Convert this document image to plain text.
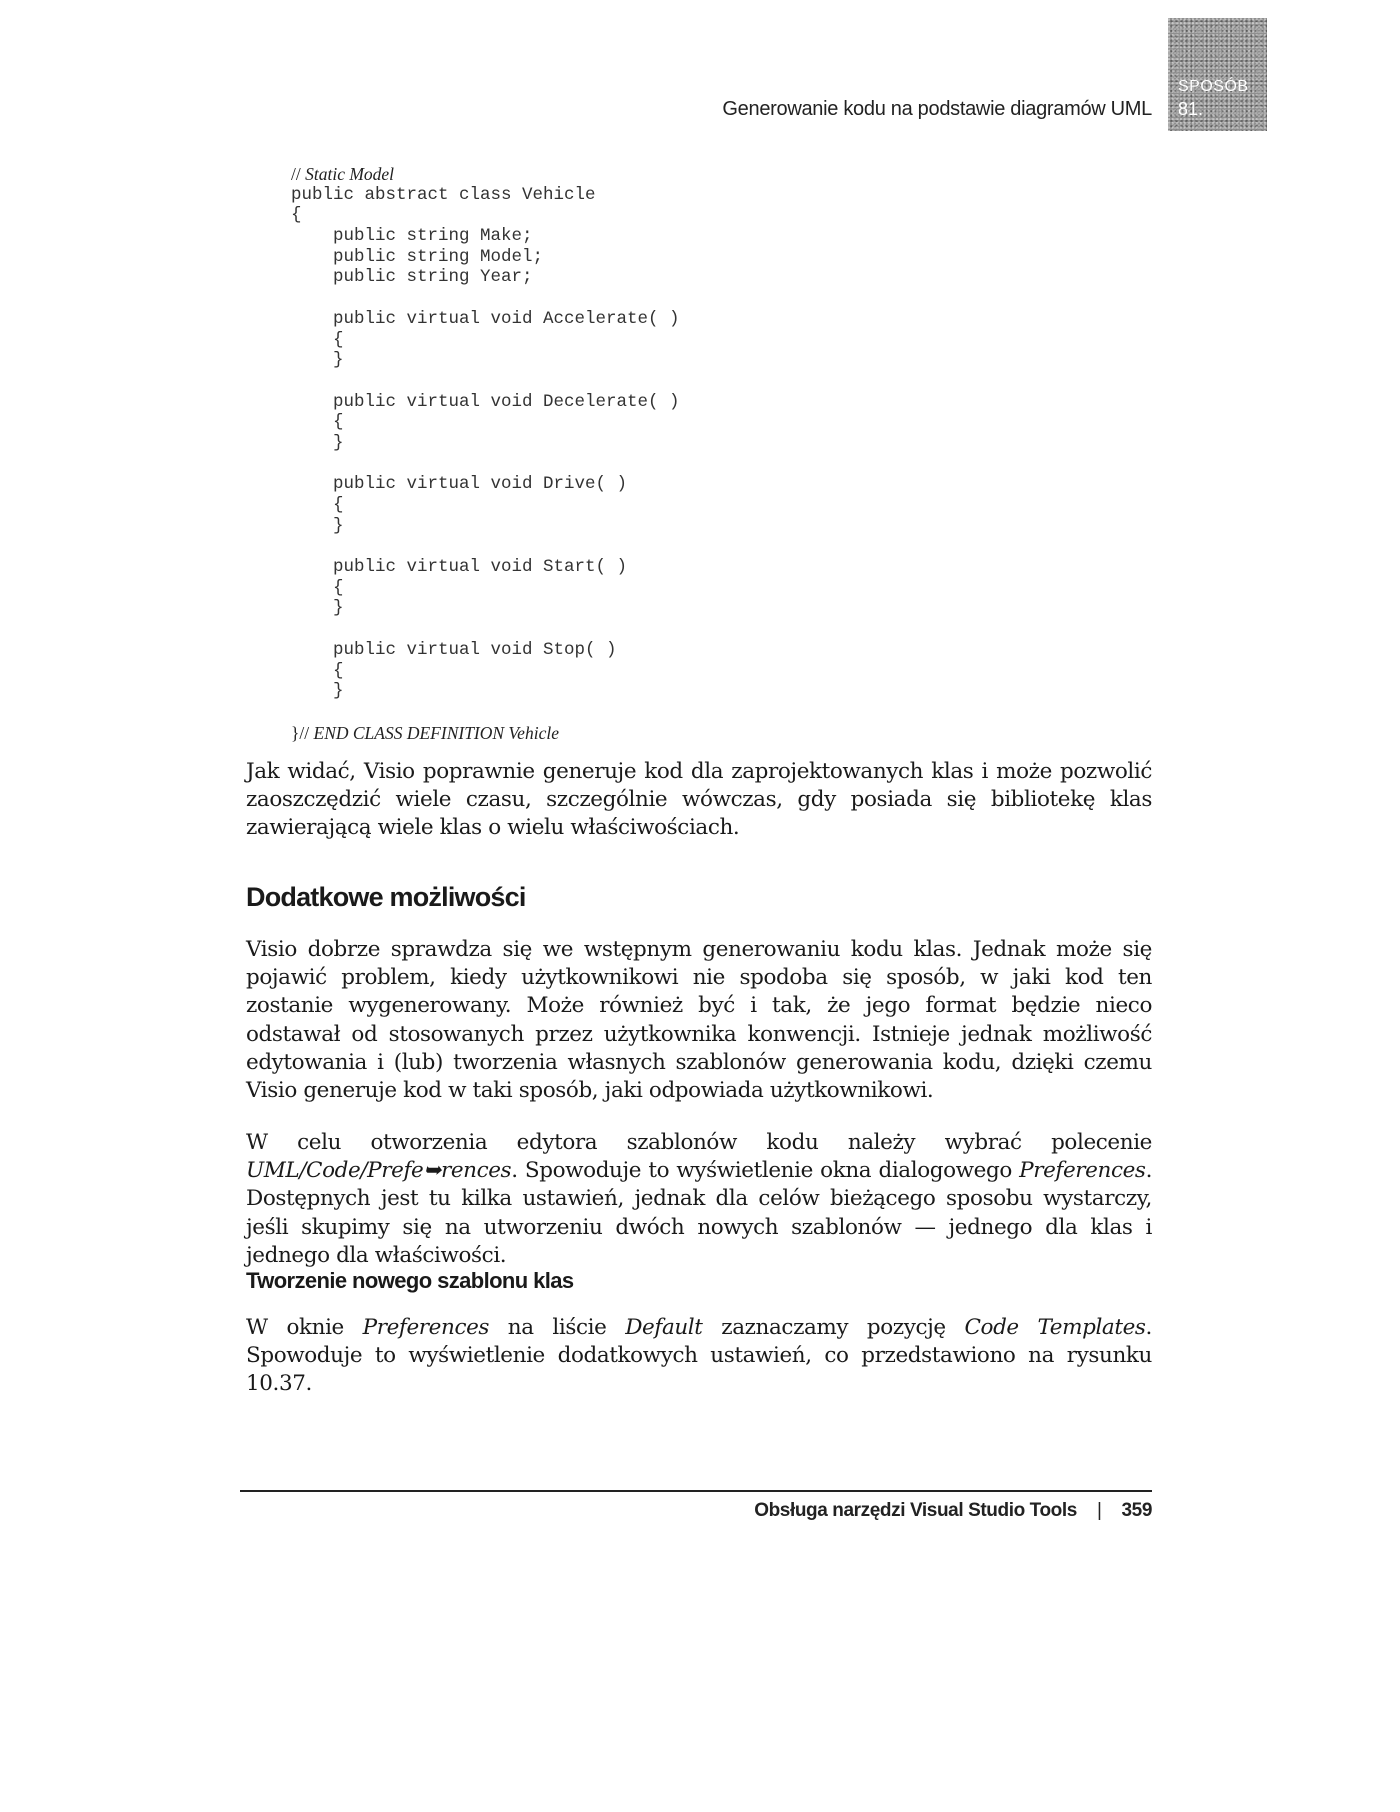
Generowanie kodu na podstawie diagramów UML
SPOSÓB
81.
// Static Model
public abstract class Vehicle
{
public string Make;
public string Model;
public string Year;
public virtual void Accelerate( )
{
}
public virtual void Decelerate( )
{
}
public virtual void Drive( )
{
}
public virtual void Start( )
{
}
public virtual void Stop( )
{
}
}// END CLASS DEFINITION Vehicle

Jak widać, Visio poprawnie generuje kod dla zaprojektowanych klas i może pozwolić zaoszczędzić wiele czasu, szczególnie wówczas, gdy posiada się bibliotekę klas zawierającą wiele klas o wielu właściwościach.

Dodatkowe możliwości

Visio dobrze sprawdza się we wstępnym generowaniu kodu klas. Jednak może się pojawić problem, kiedy użytkownikowi nie spodoba się sposób, w jaki kod ten zostanie wygenerowany. Może również być i tak, że jego format będzie nieco odstawał od stosowanych przez użytkownika konwencji. Istnieje jednak możliwość edytowania i (lub) tworzenia własnych szablonów generowania kodu, dzięki czemu Visio generuje kod w taki sposób, jaki odpowiada użytkownikowi.

W celu otworzenia edytora szablonów kodu należy wybrać polecenie UML/Code/Prefe➥rences. Spowoduje to wyświetlenie okna dialogowego Preferences. Dostępnych jest tu kilka ustawień, jednak dla celów bieżącego sposobu wystarczy, jeśli skupimy się na utworzeniu dwóch nowych szablonów — jednego dla klas i jednego dla właściwości.

Tworzenie nowego szablonu klas

W oknie Preferences na liście Default zaznaczamy pozycję Code Templates. Spowoduje to wyświetlenie dodatkowych ustawień, co przedstawiono na rysunku 10.37.

Obsługa narzędzi Visual Studio Tools | 359
